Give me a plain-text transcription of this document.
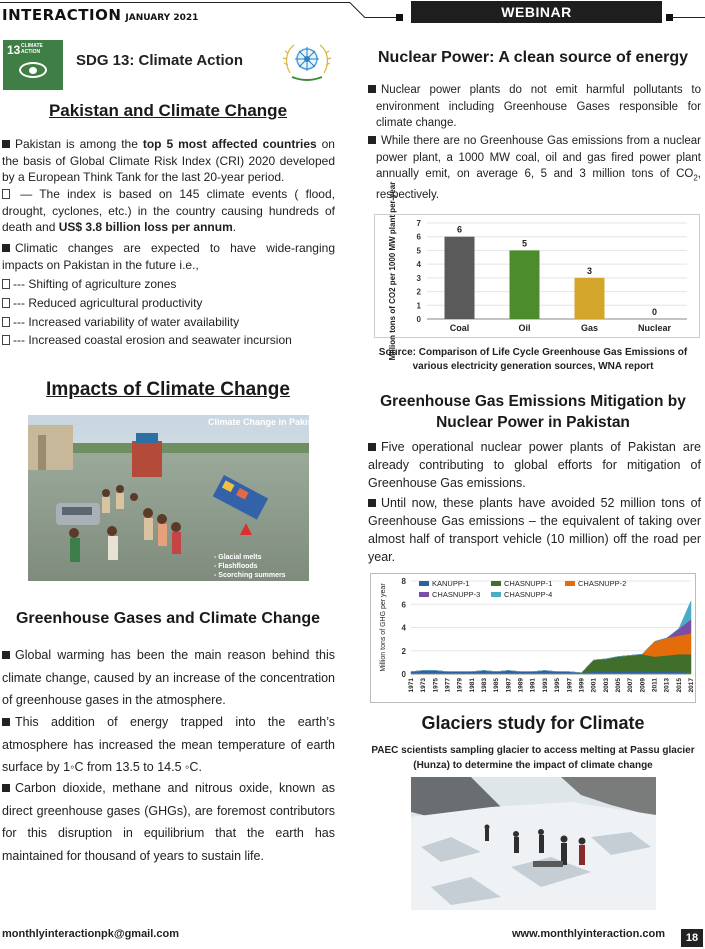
INTERACTION JANUARY 2021	WEBINAR
13 CLIMATE ACTION	SDG 13: Climate Action
Pakistan and Climate Change
Pakistan is among the top 5 most affected countries on the basis of Global Climate Risk Index (CRI) 2020 developed by a European Think Tank for the last 20-year period.
— The index is based on 145 climate events ( flood, drought, cyclones, etc.) in the country causing hundreds of death and US$ 3.8 billion loss per annum.
Climatic changes are expected to have wide-ranging impacts on Pakistan in the future i.e.,
--- Shifting of agriculture zones
--- Reduced agricultural productivity
--- Increased variability of water availability
--- Increased coastal erosion and seawater incursion
Impacts of Climate Change
Climate Change in Pakistan
- Glacial melts
- Flashfloods
- Scorching summers
Greenhouse Gases and Climate Change
Global warming has been the main reason behind this climate change, caused by an increase of the concentration of greenhouse gases in the atmosphere.
This addition of energy trapped into the earth’s atmosphere has increased the mean temperature of earth surface by 1◦C from 13.5 to 14.5 ◦C.
Carbon dioxide, methane and nitrous oxide, known as direct greenhouse gases (GHGs), are foremost contributors for this disruption in equilibrium that the earth has maintained for thousand of years to sustain life.
Nuclear Power: A clean source of energy
Nuclear power plants do not emit harmful pollutants to environment including Greenhouse Gases responsible for climate change.
While there are no Greenhouse Gas emissions from a nuclear power plant, a 1000 MW coal, oil and gas fired power plant annually emit, on average 6, 5 and 3 million tons of $CO_2$, respectively.
0
1
2
3
4
5
6
7
Million tons of CO2 per 1000 MW plant per year	6
Coal
5
Oil
3
Gas
0
Nuclear
Source: Comparison of Life Cycle Greenhouse Gas Emissions of various electricity generation sources, WNA report
Greenhouse Gas Emissions Mitigation by Nuclear Power in Pakistan
Five operational nuclear power plants of Pakistan are already contributing to global efforts for mitigation of Greenhouse Gas emissions.
Until now, these plants have avoided 52 million tons of Greenhouse Gas emissions – the equivalent of taking over almost half of transport vehicle (10 million) off the road per year.
0
2
4
6
8
Million tons of GHG per year
1971 1973 1975 1977 1979 1981 1983 1985 1987 1989 1991 1993 1995 1997 1999 2001 2003 2005 2007 2009 2011 2013 2015 2017
KANUPP-1	CHASNUPP-1	CHASNUPP-2
CHASNUPP-3	CHASNUPP-4
Glaciers study for Climate
PAEC scientists sampling glacier to access melting at Passu glacier (Hunza) to determine the impact of climate change
monthlyinteractionpk@gmail.com	www.monthlyinteraction.com	18
